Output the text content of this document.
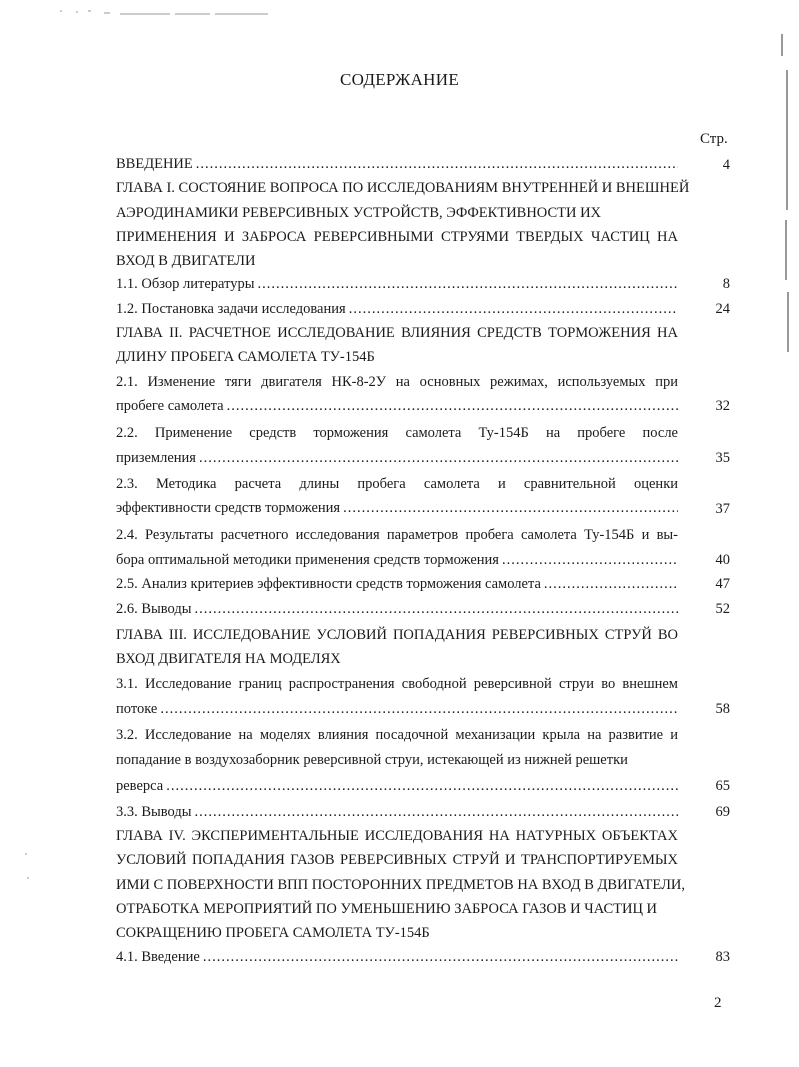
СОДЕРЖАНИЕ
Стр.
ВВЕДЕНИЕ .....	4
ГЛАВА I. СОСТОЯНИЕ ВОПРОСА ПО ИССЛЕДОВАНИЯМ ВНУТРЕННЕЙ И ВНЕШНЕЙ
АЭРОДИНАМИКИ РЕВЕРСИВНЫХ УСТРОЙСТВ, ЭФФЕКТИВНОСТИ ИХ
ПРИМЕНЕНИЯ И ЗАБРОСА РЕВЕРСИВНЫМИ СТРУЯМИ ТВЕРДЫХ ЧАСТИЦ НА
ВХОД В ДВИГАТЕЛИ
1.1. Обзор литературы .....	8
1.2. Постановка задачи исследования .....	24
ГЛАВА II. РАСЧЕТНОЕ ИССЛЕДОВАНИЕ ВЛИЯНИЯ СРЕДСТВ ТОРМОЖЕНИЯ НА
ДЛИНУ ПРОБЕГА САМОЛЕТА ТУ-154Б
2.1. Изменение тяги двигателя НК-8-2У на основных режимах, используемых при
пробеге самолета .....	32
2.2. Применение средств торможения самолета Ту-154Б на пробеге после
приземления .....	35
2.3. Методика расчета длины пробега самолета и сравнительной оценки
эффективности средств торможения .....	37
2.4. Результаты расчетного исследования параметров пробега самолета Ту-154Б и вы-
бора оптимальной методики применения средств торможения .....	40
2.5. Анализ критериев эффективности средств торможения самолета .....	47
2.6. Выводы .....	52
ГЛАВА III. ИССЛЕДОВАНИЕ УСЛОВИЙ ПОПАДАНИЯ РЕВЕРСИВНЫХ СТРУЙ ВО
ВХОД ДВИГАТЕЛЯ НА МОДЕЛЯХ
3.1. Исследование границ распространения свободной реверсивной струи во внешнем
потоке .....	58
3.2. Исследование на моделях влияния посадочной механизации крыла на развитие и
попадание в воздухозаборник реверсивной струи, истекающей из нижней решетки
реверса .....	65
3.3. Выводы .....	69
ГЛАВА IV. ЭКСПЕРИМЕНТАЛЬНЫЕ ИССЛЕДОВАНИЯ НА НАТУРНЫХ ОБЪЕКТАХ
УСЛОВИЙ ПОПАДАНИЯ ГАЗОВ РЕВЕРСИВНЫХ СТРУЙ И ТРАНСПОРТИРУЕМЫХ
ИМИ С ПОВЕРХНОСТИ ВПП ПОСТОРОННИХ ПРЕДМЕТОВ НА ВХОД В ДВИГАТЕЛИ,
ОТРАБОТКА МЕРОПРИЯТИЙ ПО УМЕНЬШЕНИЮ ЗАБРОСА ГАЗОВ И ЧАСТИЦ И
СОКРАЩЕНИЮ ПРОБЕГА САМОЛЕТА ТУ-154Б
4.1. Введение .....	83
2
